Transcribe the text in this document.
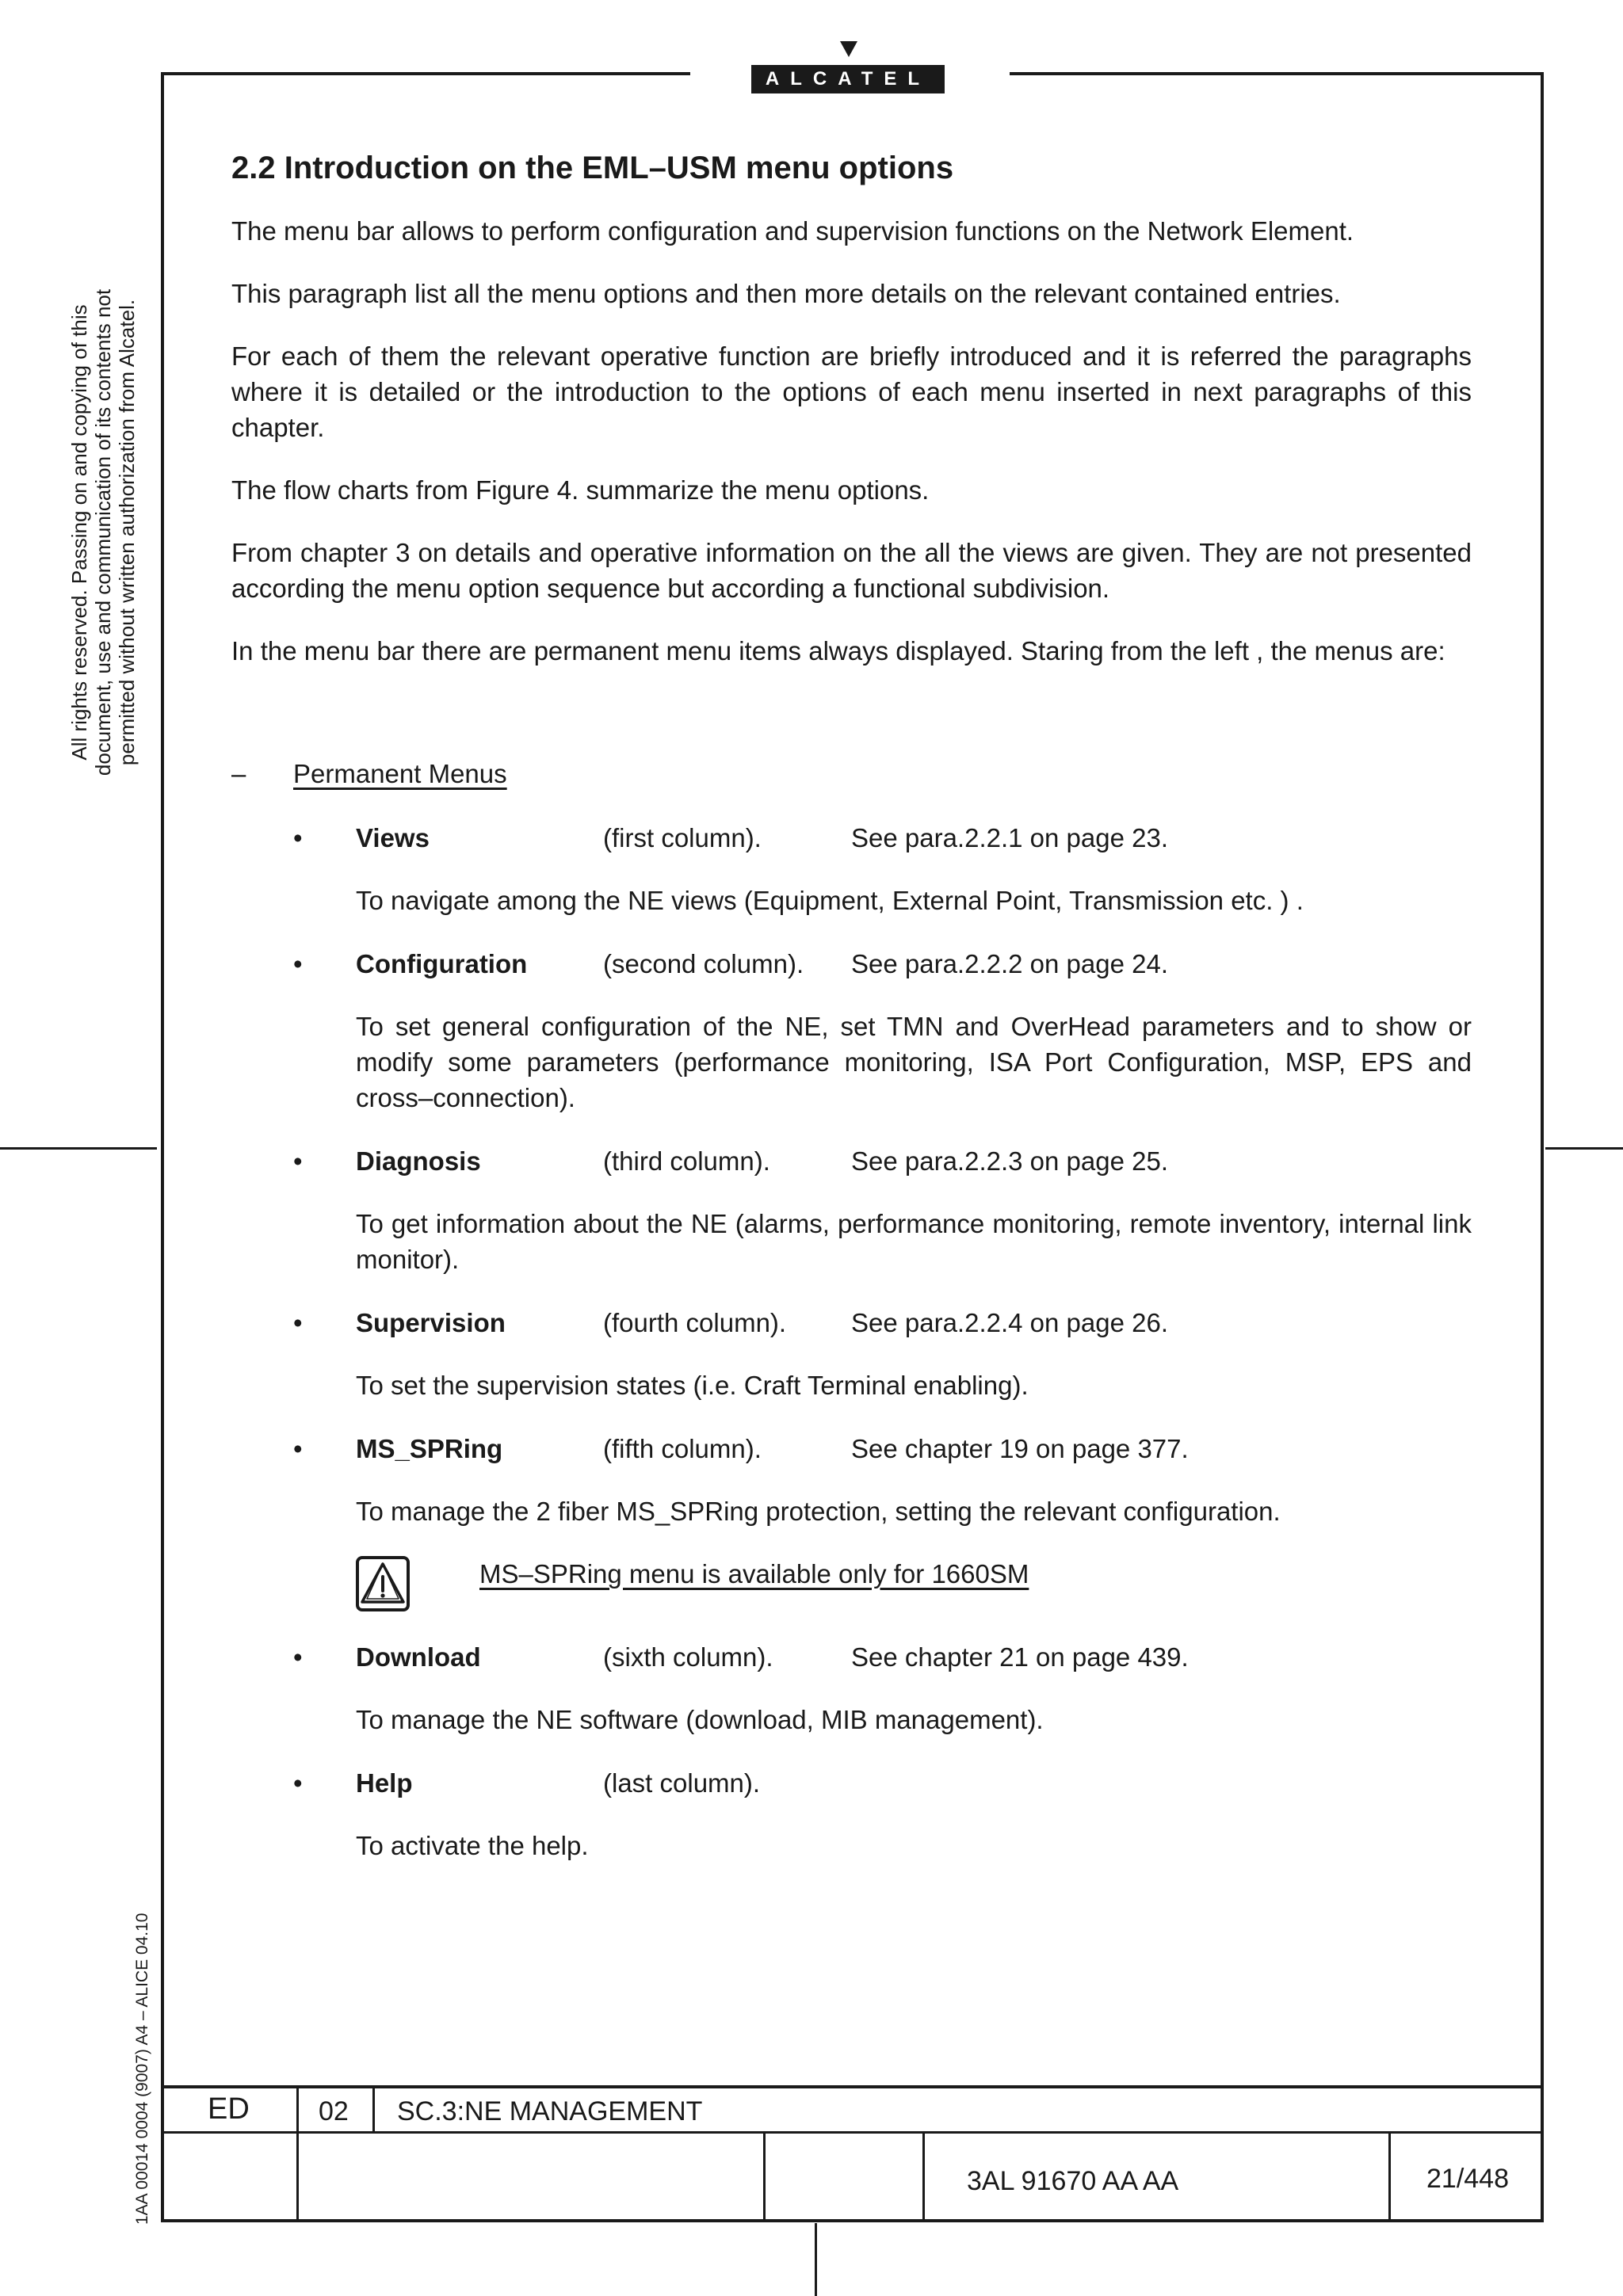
ALCATEL
All rights reserved. Passing on and copying of this document, use and communication of its contents not permitted without written authorization from Alcatel.
1AA 00014 0004 (9007) A4 – ALICE 04.10
2.2 Introduction on the EML–USM menu options

The menu bar allows to perform configuration and supervision functions on the Network Element.

This paragraph list all the menu options and then more details on the relevant contained entries.

For each of them the relevant operative function are briefly introduced and it is referred the paragraphs where it is detailed or the introduction to the options of each menu inserted in next paragraphs of this chapter.

The flow charts from Figure 4. summarize the menu options.

From chapter 3 on details and operative information on the all the views are given. They are not presented according the menu option sequence but according a functional subdivision.

In the menu bar there are permanent menu items always displayed. Staring from the left , the menus are:

– Permanent Menus
• Views	(first column).	See para.2.2.1 on page 23.
To navigate among the NE views (Equipment, External Point, Transmission etc. ) .
• Configuration	(second column). See para.2.2.2 on page 24.
To set general configuration of the NE, set TMN and OverHead parameters and to show or modify some parameters (performance monitoring, ISA Port Configuration, MSP, EPS and cross–connection).
• Diagnosis	(third column).	See para.2.2.3 on page 25.
To get information about the NE (alarms, performance monitoring, remote inventory, internal link monitor).
• Supervision	(fourth column). See para.2.2.4 on page 26.
To set the supervision states (i.e. Craft Terminal enabling).
• MS_SPRing	(fifth column).	See chapter 19 on page 377.
To manage the 2 fiber MS_SPRing protection, setting the relevant configuration.
MS–SPRing menu is available only for 1660SM
• Download	(sixth column).	See chapter 21 on page 439.
To manage the NE software (download, MIB management).
• Help	(last column).
To activate the help.
ED	02 SC.3:NE MANAGEMENT
3AL 91670 AA AA	21/448
